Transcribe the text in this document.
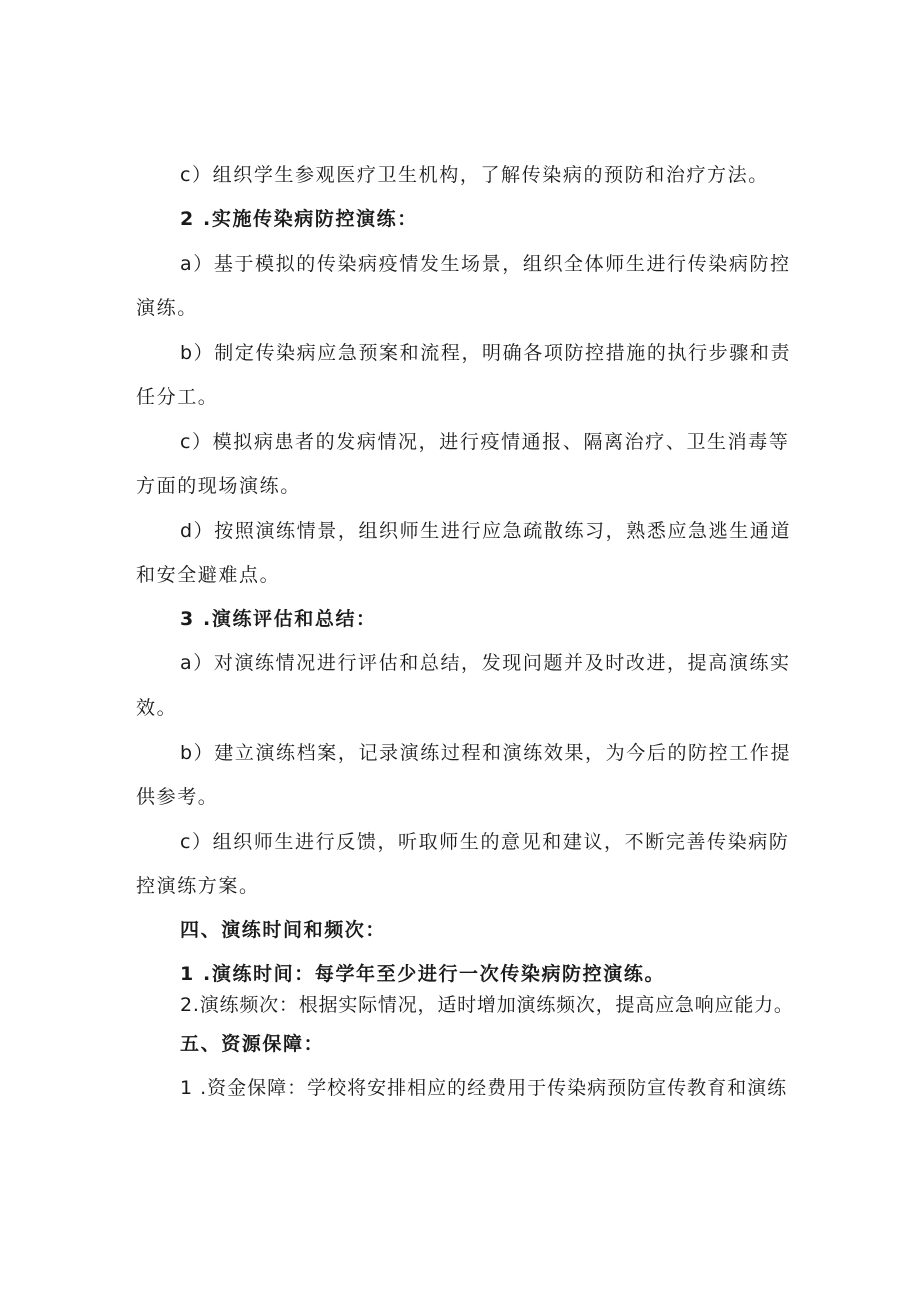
c）组织学生参观医疗卫生机构，了解传染病的预防和治疗方法。
2 .实施传染病防控演练：
a）基于模拟的传染病疫情发生场景，组织全体师生进行传染病防控
演练。
b）制定传染病应急预案和流程，明确各项防控措施的执行步骤和责
任分工。
c）模拟病患者的发病情况，进行疫情通报、隔离治疗、卫生消毒等
方面的现场演练。
d）按照演练情景，组织师生进行应急疏散练习，熟悉应急逃生通道
和安全避难点。
3 .演练评估和总结：
a）对演练情况进行评估和总结，发现问题并及时改进，提高演练实
效。
b）建立演练档案，记录演练过程和演练效果，为今后的防控工作提
供参考。
c）组织师生进行反馈，听取师生的意见和建议，不断完善传染病防
控演练方案。
四、演练时间和频次：
1 .演练时间：每学年至少进行一次传染病防控演练。
2.演练频次：根据实际情况，适时增加演练频次，提高应急响应能力。
五、资源保障：
1 .资金保障：学校将安排相应的经费用于传染病预防宣传教育和演练
